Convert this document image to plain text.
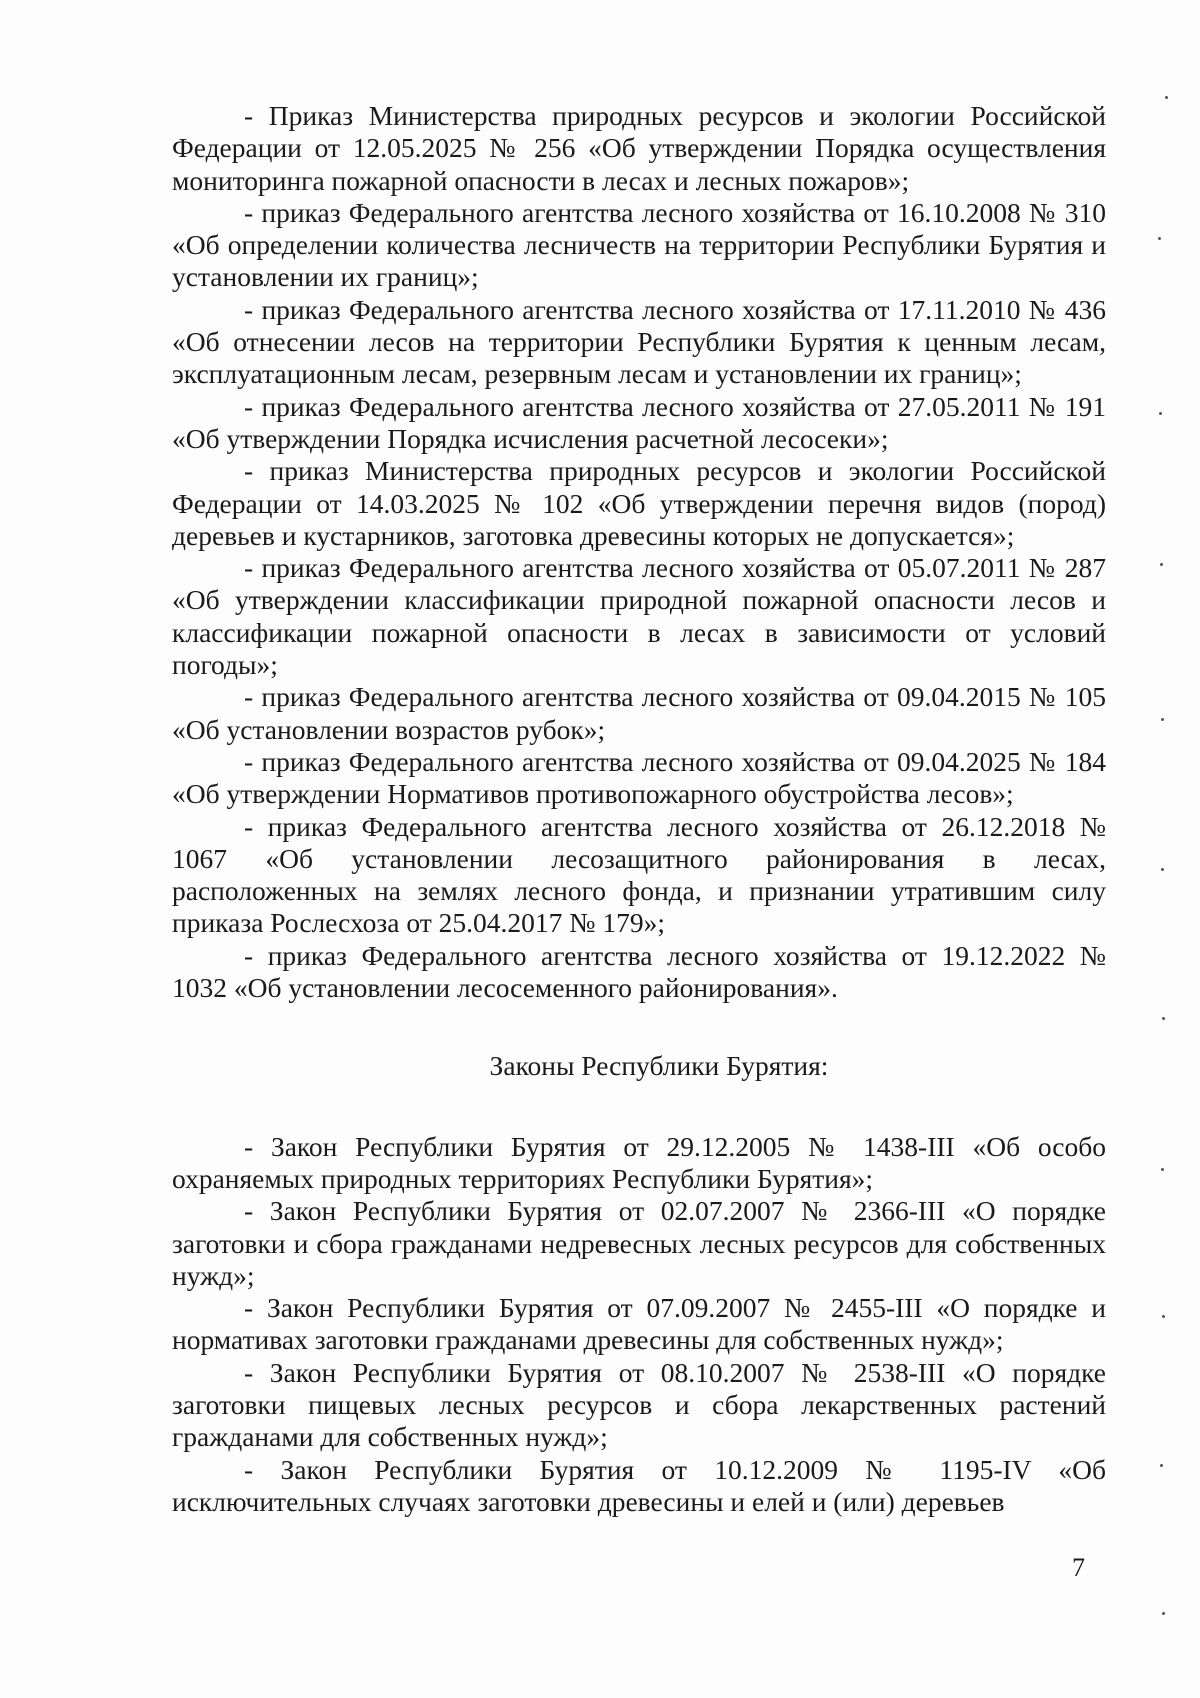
- Приказ Министерства природных ресурсов и экологии Российской Федерации от 12.05.2025 № 256 «Об утверждении Порядка осуществления мониторинга пожарной опасности в лесах и лесных пожаров»;

- приказ Федерального агентства лесного хозяйства от 16.10.2008 № 310 «Об определении количества лесничеств на территории Республики Бурятия и установлении их границ»;

- приказ Федерального агентства лесного хозяйства от 17.11.2010 № 436 «Об отнесении лесов на территории Республики Бурятия к ценным лесам, эксплуатационным лесам, резервным лесам и установлении их границ»;

- приказ Федерального агентства лесного хозяйства от 27.05.2011 № 191 «Об утверждении Порядка исчисления расчетной лесосеки»;

- приказ Министерства природных ресурсов и экологии Российской Федерации от 14.03.2025 № 102 «Об утверждении перечня видов (пород) деревьев и кустарников, заготовка древесины которых не допускается»;

- приказ Федерального агентства лесного хозяйства от 05.07.2011 № 287 «Об утверждении классификации природной пожарной опасности лесов и классификации пожарной опасности в лесах в зависимости от условий погоды»;

- приказ Федерального агентства лесного хозяйства от 09.04.2015 № 105 «Об установлении возрастов рубок»;

- приказ Федерального агентства лесного хозяйства от 09.04.2025 № 184 «Об утверждении Нормативов противопожарного обустройства лесов»;

- приказ Федерального агентства лесного хозяйства от 26.12.2018 № 1067 «Об установлении лесозащитного районирования в лесах, расположенных на землях лесного фонда, и признании утратившим силу приказа Рослесхоза от 25.04.2017 № 179»;

- приказ Федерального агентства лесного хозяйства от 19.12.2022 № 1032 «Об установлении лесосеменного районирования».

Законы Республики Бурятия:

- Закон Республики Бурятия от 29.12.2005 № 1438-III «Об особо охраняемых природных территориях Республики Бурятия»;

- Закон Республики Бурятия от 02.07.2007 № 2366-III «О порядке заготовки и сбора гражданами недревесных лесных ресурсов для собственных нужд»;

- Закон Республики Бурятия от 07.09.2007 № 2455-III «О порядке и нормативах заготовки гражданами древесины для собственных нужд»;

- Закон Республики Бурятия от 08.10.2007 № 2538-III «О порядке заготовки пищевых лесных ресурсов и сбора лекарственных растений гражданами для собственных нужд»;

- Закон Республики Бурятия от 10.12.2009 № 1195-IV «Об исключительных случаях заготовки древесины и елей и (или) деревьев

7
